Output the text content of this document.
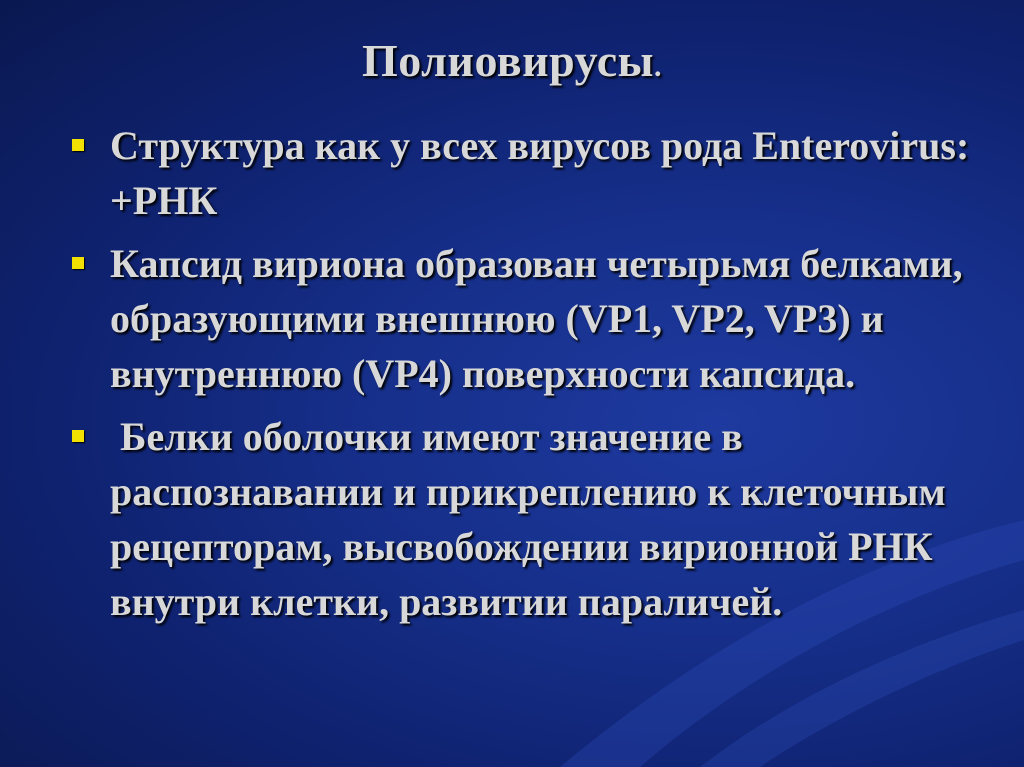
Полиовирусы.
Структура как у всех вирусов рода Enterovirus: +РНК
Капсид вириона образован четырьмя белками, образующими внешнюю (VP1, VP2, VP3) и внутреннюю (VP4) поверхности капсида.
Белки оболочки имеют значение в распознавании и прикреплению к клеточным рецепторам, высвобождении вирионной РНК внутри клетки, развитии параличей.
